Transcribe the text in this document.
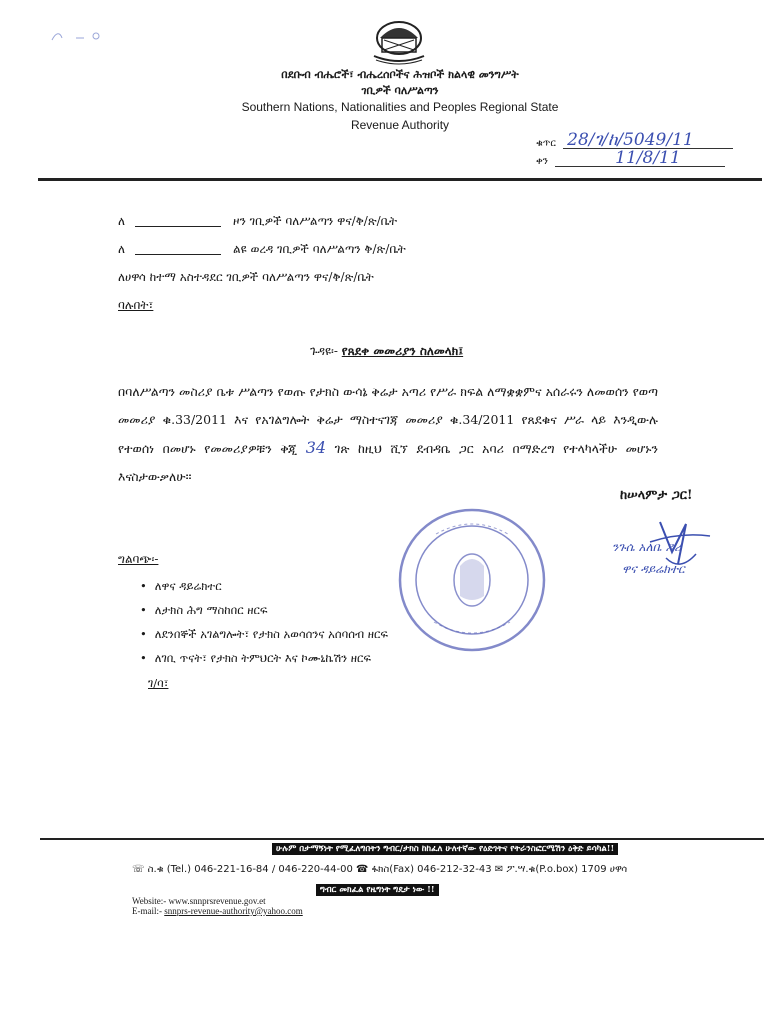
በደቡብ ብሔሮች፣ ብሔረሰቦችና ሕዝቦች ክልላዊ መንግሥት
ገቢዎች ባለሥልጣን
Southern Nations, Nationalities and Peoples Regional State
Revenue Authority
ቁጥር 28/ገ/ከ/5049/11
ቀን	11/8/11
ለ	ዞን ገቢዎች ባለሥልጣን ዋና/ቅ/ጽ/ቤት
ለ	ልዩ ወረዳ ገቢዎች ባለሥልጣን ቅ/ጽ/ቤት
ለሀዋሳ ከተማ አስተዳደር ገቢዎች ባለሥልጣን ዋና/ቅ/ጽ/ቤት
ባሉበት፣
ጉዳዩ፡- የጸደቀ መመሪያን ስለመላክ፤
በባለሥልጣን መስሪያ ቤቱ ሥልጣን የወጡ የታክስ ውሳኔ ቅሬታ አጣሪ የሥራ ክፍል ለማቋቋምና አሰራሩን ለመወሰን የወጣ መመሪያ ቁ.33/2011 እና የአገልግሎት ቅሬታ ማስተናገጃ መመሪያ ቁ.34/2011 የጸደቁና ሥራ ላይ እንዲውሉ የተወሰነ በመሆኑ የመመሪያዎቹን ቅጂ 34 ገጽ ከዚህ ሺኘ ደብዳቤ ጋር አባሪ በማድረግ የተላካላችሁ መሆኑን እናስታውቃለሁ።
ከሠላምታ ጋር!
ንጉሴ አለቤ ዶሪ
ዋና ዳይሬክተር
ግልባጭ፡-
• ለዋና ዳይሬክተር
• ለታክስ ሕግ ማስከበር ዘርፍ
• ለደንበኞች አገልግሎት፣ የታክስ አወሳሰንና አሰባሰብ ዘርፍ
• ለገቢ ጥናት፣ የታክስ ትምህርት እና ኮሙኒኬሽን ዘርፍ
ገ/ባ፣
ሁሉም በታማኝነት የሚፈለግበትን ግብር/ታክስ ከከፈለ ሁለተኛው የዕድገትና የትራንስፎርሜሽን ዕቅድ ይሳካል!!
☏ ስ.ቁ (Tel.) 046-221-16-84 / 046-220-44-00 ☎ ፋክስ(Fax) 046-212-32-43 ✉ ፖ.ሣ.ቁ(P.o.box) 1709 ሀዋሳ
ግብር መክፈል የዜግነት ግዴታ ነው !!
Website:- www.snnprsrevenue.gov.et
E-mail:- snnprs-revenue-authority@yahoo.com
